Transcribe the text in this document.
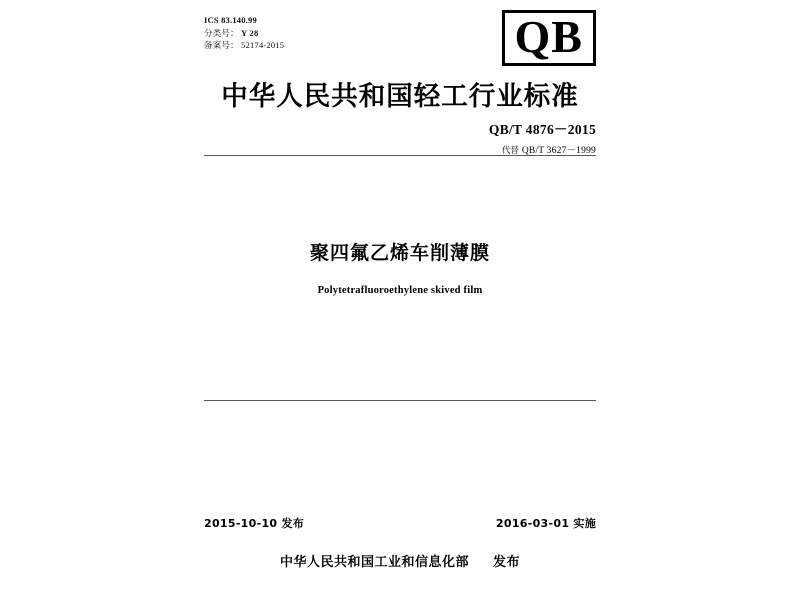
ICS 83.140.99
分类号： Y 28
备案号： 52174-2015	QB
中华人民共和国轻工行业标准
QB/T 4876－2015
代替 QB/T 3627－1999
聚四氟乙烯车削薄膜
Polytetrafluoroethylene skived film
2015-10-10 发布	2016-03-01 实施
中华人民共和国工业和信息化部 发布
